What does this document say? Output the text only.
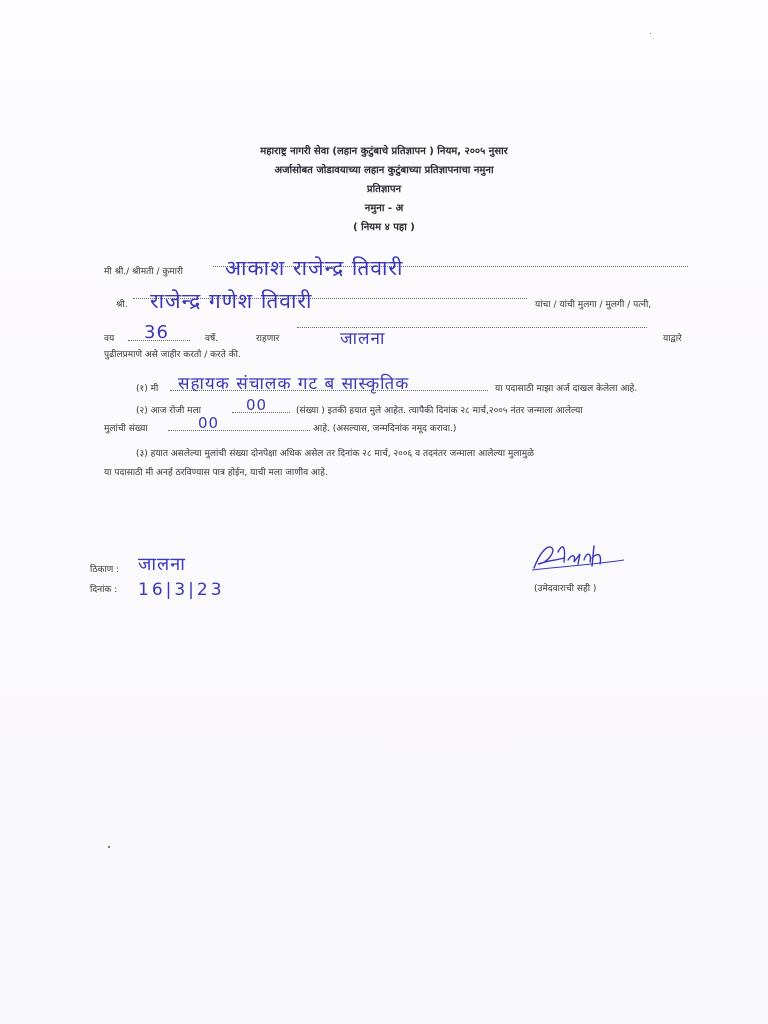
महाराष्ट्र नागरी सेवा (लहान कुटुंबाचे प्रतिज्ञापन ) नियम, २००५ नुसार
अर्जासोबत जोडावयाच्या लहान कुटुंबाच्या प्रतिज्ञापनाचा नमुना
प्रतिज्ञापन
नमुना - अ
( नियम ४ पहा )
मी श्री./ श्रीमती / कुमारी आकाश राजेन्द्र तिवारी
श्री. राजेन्द्र गणेश तिवारी	यांचा / यांची मुलगा / मुलगी / पत्नी,
वय 36	वर्षे.	राहणार	जालना	याद्वारे
पुढीलप्रमाणे असे जाहीर करतो / करते की.
(१) मी सहायक संचालक गट ब सास्कृतिक	या पदासाठी माझा अर्ज दाखल केलेला आहे.
(२) आज रोजी मला	00	(संख्या ) इतकी हयात मुले आहेत. त्यापैकी दिनांक २८ मार्च,२००५ नंतर जन्माला आलेल्या
मुलांची संख्या	00	आहे. (असल्यास, जन्मदिनांक नमूद करावा.)
(३) हयात असलेल्या मुलांची संख्या दोनपेक्षा अधिक असेल तर दिनांक २८ मार्च, २००६ व तदनंतर जन्माला आलेल्या मुलामुळे
या पदासाठी मी अनर्ह ठरविण्यास पात्र होईन, याची मला जाणीव आहे.
ठिकाण : जालना
दिनांक : 16|3|23	(उमेदवाराची सही )
